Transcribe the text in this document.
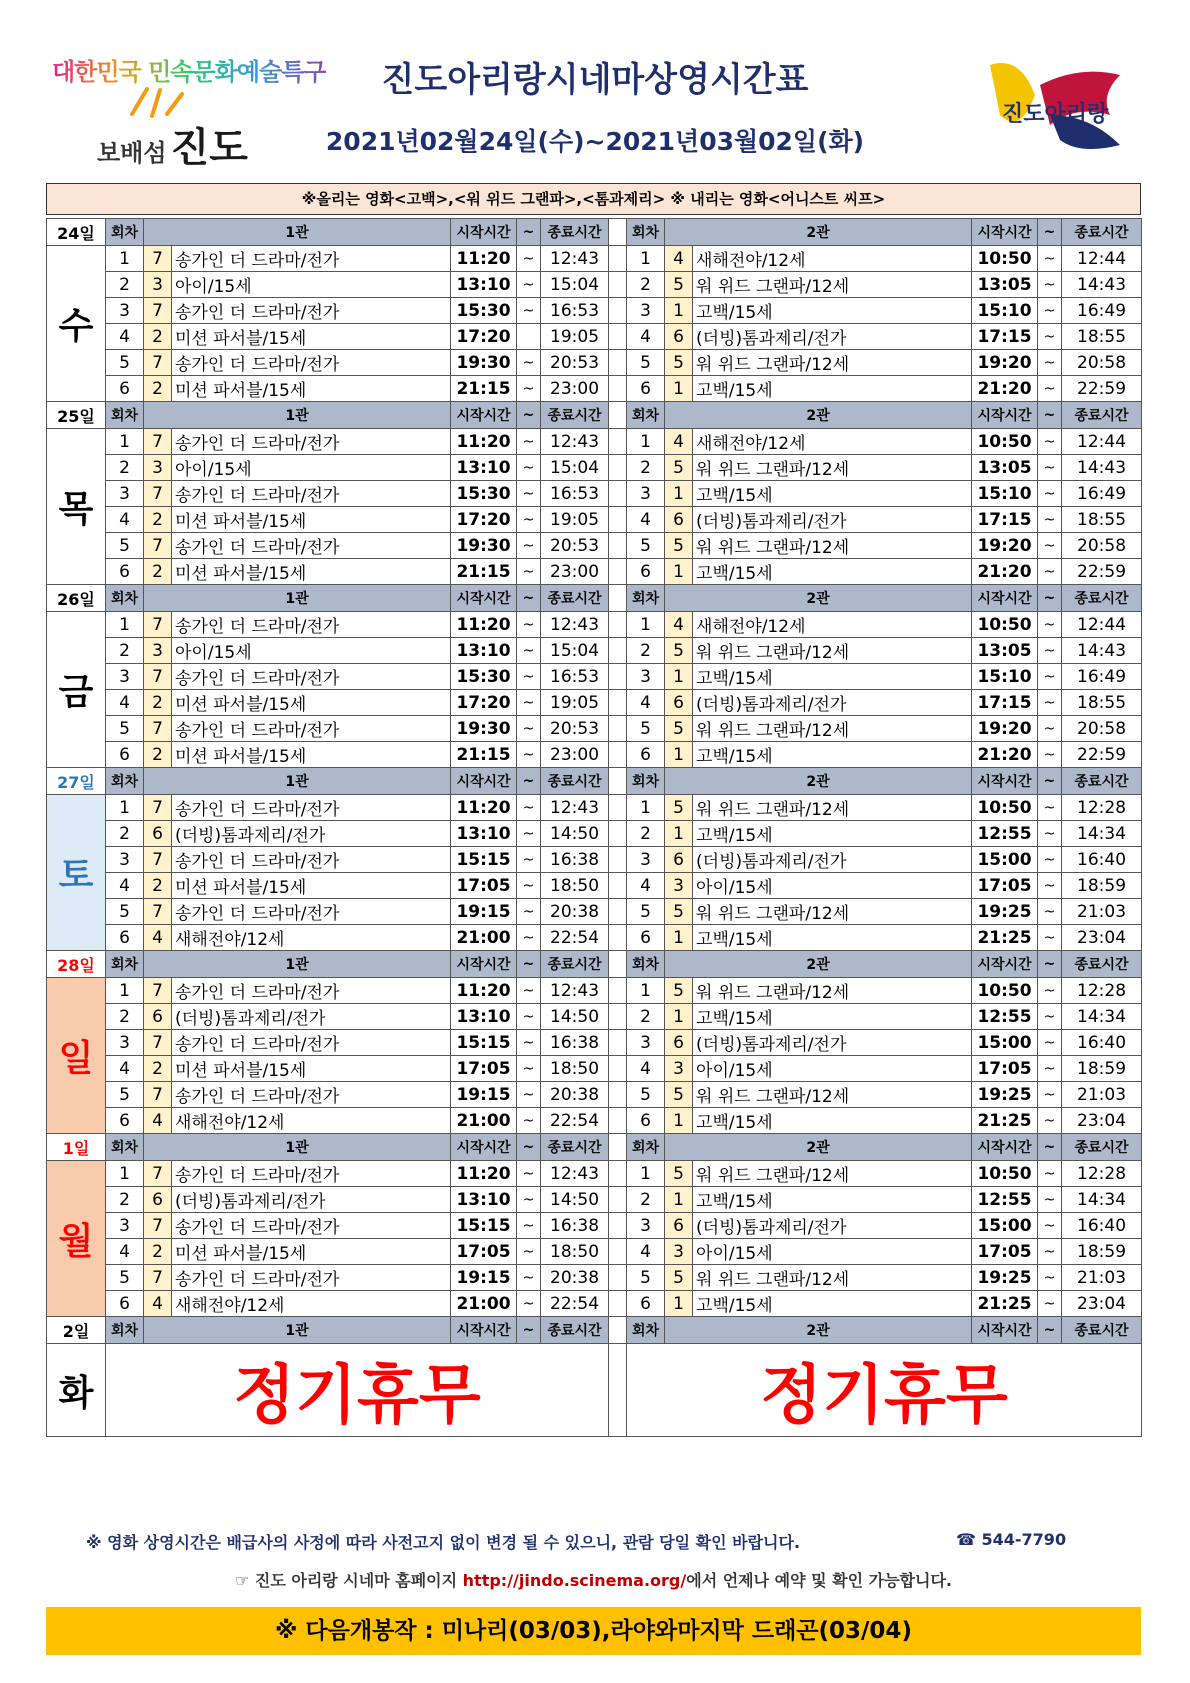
대한민국 민속문화예술특구
보배섬 진도
진도아리랑시네마상영시간표
2021년02월24일(수)~2021년03월02일(화)
진도아리랑
※올리는 영화<고백>,<워 위드 그랜파>,<톰과제리> ※ 내리는 영화<어니스트 씨프>
24일	회차	1관		시작시간	~	종료시간		회차	2관		시작시간	~	종료시간
수	1	7	송가인 더 드라마/전가	11:20	~	12:43		1	4	새해전야/12세	10:50	~	12:44
	2	3	아이/15세	13:10	~	15:04		2	5	워 위드 그랜파/12세	13:05	~	14:43
	3	7	송가인 더 드라마/전가	15:30	~	16:53		3	1	고백/15세	15:10	~	16:49
	4	2	미션 파서블/15세	17:20		19:05		4	6	(더빙)톰과제리/전가	17:15	~	18:55
	5	7	송가인 더 드라마/전가	19:30	~	20:53		5	5	워 위드 그랜파/12세	19:20	~	20:58
	6	2	미션 파서블/15세	21:15	~	23:00		6	1	고백/15세	21:20	~	22:59
25일	회차	1관		시작시간	~	종료시간		회차	2관		시작시간	~	종료시간
목	1	7	송가인 더 드라마/전가	11:20	~	12:43		1	4	새해전야/12세	10:50	~	12:44
	2	3	아이/15세	13:10	~	15:04		2	5	워 위드 그랜파/12세	13:05	~	14:43
	3	7	송가인 더 드라마/전가	15:30	~	16:53		3	1	고백/15세	15:10	~	16:49
	4	2	미션 파서블/15세	17:20	~	19:05		4	6	(더빙)톰과제리/전가	17:15	~	18:55
	5	7	송가인 더 드라마/전가	19:30	~	20:53		5	5	워 위드 그랜파/12세	19:20	~	20:58
	6	2	미션 파서블/15세	21:15	~	23:00		6	1	고백/15세	21:20	~	22:59
26일	회차	1관		시작시간	~	종료시간		회차	2관		시작시간	~	종료시간
금	1	7	송가인 더 드라마/전가	11:20	~	12:43		1	4	새해전야/12세	10:50	~	12:44
	2	3	아이/15세	13:10	~	15:04		2	5	워 위드 그랜파/12세	13:05	~	14:43
	3	7	송가인 더 드라마/전가	15:30	~	16:53		3	1	고백/15세	15:10	~	16:49
	4	2	미션 파서블/15세	17:20	~	19:05		4	6	(더빙)톰과제리/전가	17:15	~	18:55
	5	7	송가인 더 드라마/전가	19:30	~	20:53		5	5	워 위드 그랜파/12세	19:20	~	20:58
	6	2	미션 파서블/15세	21:15	~	23:00		6	1	고백/15세	21:20	~	22:59
27일	회차	1관		시작시간	~	종료시간		회차	2관		시작시간	~	종료시간
토	1	7	송가인 더 드라마/전가	11:20	~	12:43		1	5	워 위드 그랜파/12세	10:50	~	12:28
	2	6	(더빙)톰과제리/전가	13:10	~	14:50		2	1	고백/15세	12:55	~	14:34
	3	7	송가인 더 드라마/전가	15:15	~	16:38		3	6	(더빙)톰과제리/전가	15:00	~	16:40
	4	2	미션 파서블/15세	17:05	~	18:50		4	3	아이/15세	17:05	~	18:59
	5	7	송가인 더 드라마/전가	19:15	~	20:38		5	5	워 위드 그랜파/12세	19:25	~	21:03
	6	4	새해전야/12세	21:00	~	22:54		6	1	고백/15세	21:25	~	23:04
28일	회차	1관		시작시간	~	종료시간		회차	2관		시작시간	~	종료시간
일	1	7	송가인 더 드라마/전가	11:20	~	12:43		1	5	워 위드 그랜파/12세	10:50	~	12:28
	2	6	(더빙)톰과제리/전가	13:10	~	14:50		2	1	고백/15세	12:55	~	14:34
	3	7	송가인 더 드라마/전가	15:15	~	16:38		3	6	(더빙)톰과제리/전가	15:00	~	16:40
	4	2	미션 파서블/15세	17:05	~	18:50		4	3	아이/15세	17:05	~	18:59
	5	7	송가인 더 드라마/전가	19:15	~	20:38		5	5	워 위드 그랜파/12세	19:25	~	21:03
	6	4	새해전야/12세	21:00	~	22:54		6	1	고백/15세	21:25	~	23:04
1일	회차	1관		시작시간	~	종료시간		회차	2관		시작시간	~	종료시간
월	1	7	송가인 더 드라마/전가	11:20	~	12:43		1	5	워 위드 그랜파/12세	10:50	~	12:28
	2	6	(더빙)톰과제리/전가	13:10	~	14:50		2	1	고백/15세	12:55	~	14:34
	3	7	송가인 더 드라마/전가	15:15	~	16:38		3	6	(더빙)톰과제리/전가	15:00	~	16:40
	4	2	미션 파서블/15세	17:05	~	18:50		4	3	아이/15세	17:05	~	18:59
	5	7	송가인 더 드라마/전가	19:15	~	20:38		5	5	워 위드 그랜파/12세	19:25	~	21:03
	6	4	새해전야/12세	21:00	~	22:54		6	1	고백/15세	21:25	~	23:04
2일	회차	1관		시작시간	~	종료시간		회차	2관		시작시간	~	종료시간
화	정기휴무							정기휴무					
※ 영화 상영시간은 배급사의 사정에 따라 사전고지 없이 변경 될 수 있으니, 관람 당일 확인 바랍니다.	☎ 544-7790
☞ 진도 아리랑 시네마 홈페이지 http://jindo.scinema.org/에서 언제나 예약 및 확인 가능합니다.
※ 다음개봉작 : 미나리(03/03),라야와마지막 드래곤(03/04)
